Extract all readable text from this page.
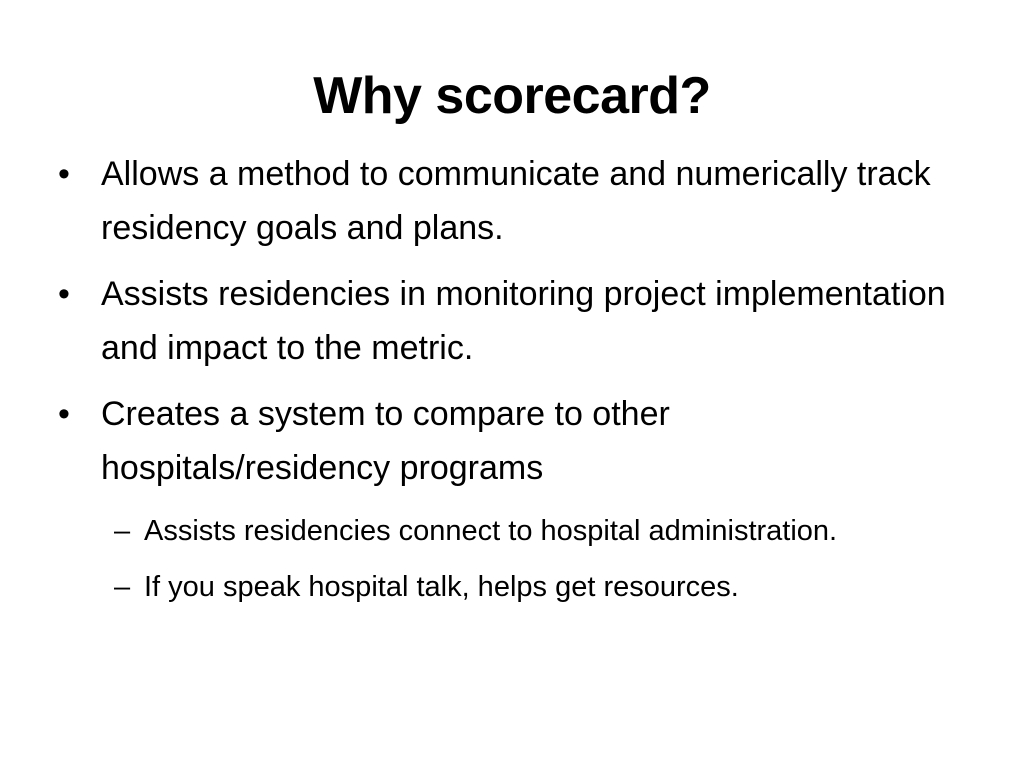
Why scorecard?
• Allows a method to communicate and numerically track residency goals and plans.
• Assists residencies in monitoring project implementation and impact to the metric.
• Creates a system to compare to other hospitals/residency programs
– Assists residencies connect to hospital administration.
– If you speak hospital talk, helps get resources.
